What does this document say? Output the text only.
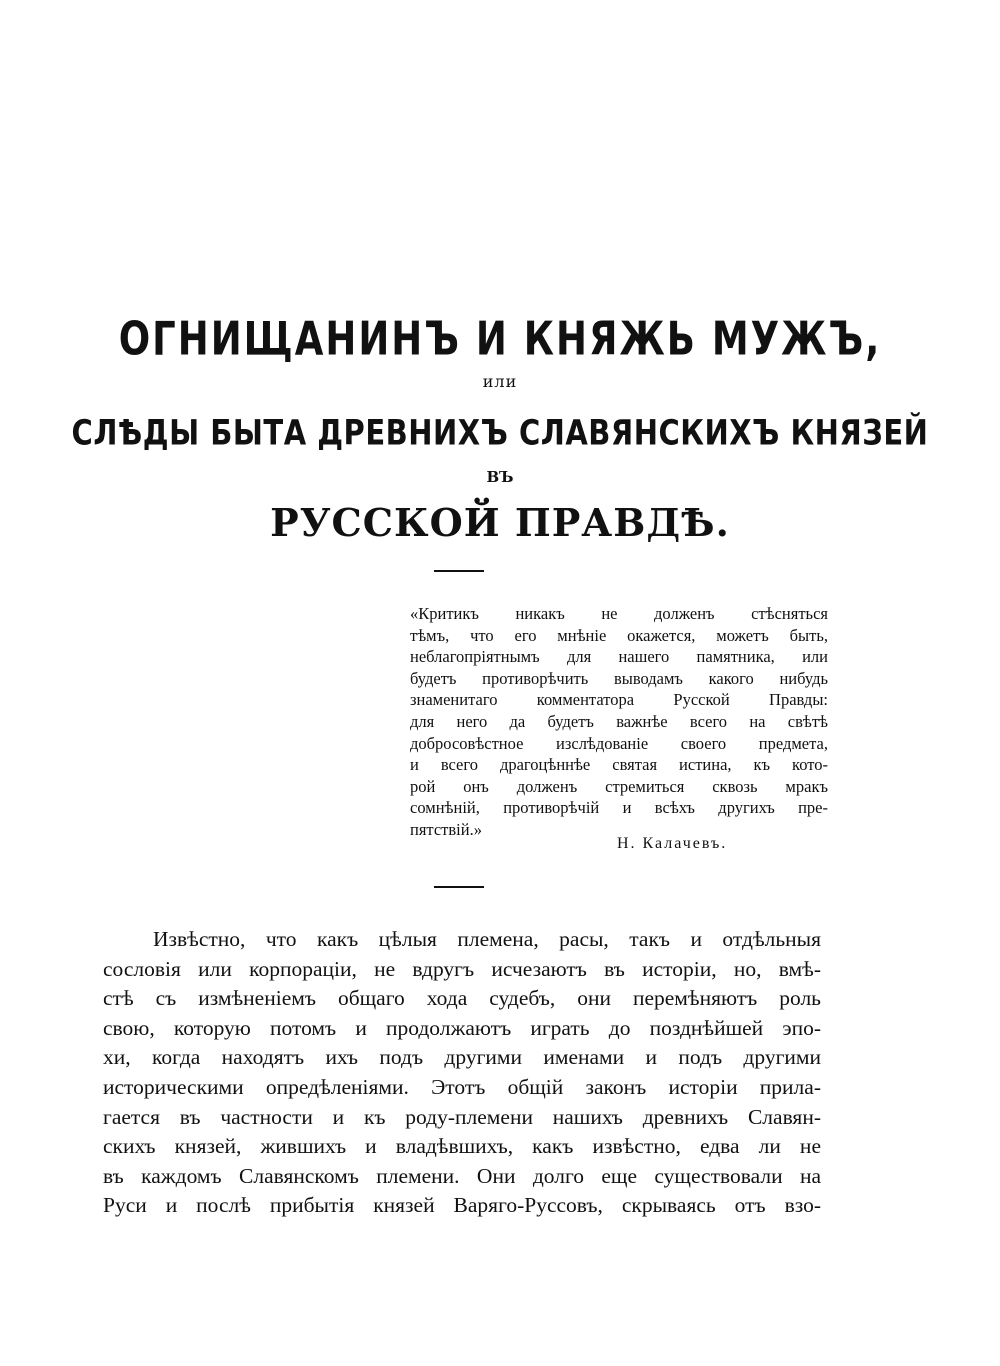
ОГНИЩАНИНЪ И КНЯЖЬ МУЖЪ,
или
СЛѢДЫ БЫТА ДРЕВНИХЪ СЛАВЯНСКИХЪ КНЯЗЕЙ
ВЪ
РУССКОЙ ПРАВДѢ.
«Критикъ никакъ не долженъ стѣсняться
тѣмъ, что его мнѣніе окажется, можетъ быть,
неблагопріятнымъ для нашего памятника, или
будетъ противорѣчить выводамъ какого нибудь
знаменитаго комментатора Русской Правды:
для него да будетъ важнѣе всего на свѣтѣ
добросовѣстное изслѣдованіе своего предмета,
и всего драгоцѣннѣе святая истина, къ кото-
рой онъ долженъ стремиться сквозь мракъ
сомнѣній, противорѣчій и всѣхъ другихъ пре-
пятствій.»
Н. Калачевъ.
Извѣстно, что какъ цѣлыя племена, расы, такъ и отдѣльныя
сословія или корпораціи, не вдругъ исчезаютъ въ исторіи, но, вмѣ-
стѣ съ измѣненіемъ общаго хода судебъ, они перемѣняютъ роль
свою, которую потомъ и продолжаютъ играть до позднѣйшей эпо-
хи, когда находятъ ихъ подъ другими именами и подъ другими
историческими опредѣленіями. Этотъ общій законъ исторіи прила-
гается въ частности и къ роду-племени нашихъ древнихъ Славян-
скихъ князей, жившихъ и владѣвшихъ, какъ извѣстно, едва ли не
въ каждомъ Славянскомъ племени. Они долго еще существовали на
Руси и послѣ прибытія князей Варяго-Руссовъ, скрываясь отъ взо-
